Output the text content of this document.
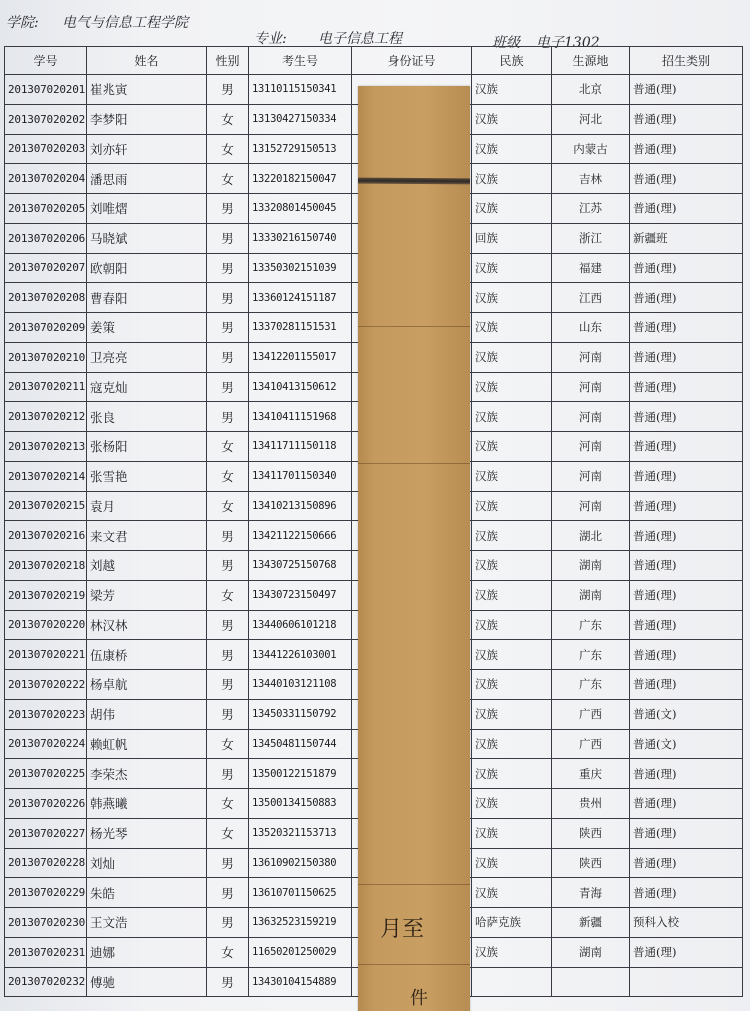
学院: 电气与信息工程学院
专业: 电子信息工程	班级 电子1302
学号	姓名	性别	考生号	身份证号	民族	生源地	招生类别
201307020201	崔兆寅	男	13110115150341		汉族	北京	普通(理)
201307020202	李梦阳	女	13130427150334		汉族	河北	普通(理)
201307020203	刘亦轩	女	13152729150513		汉族	内蒙古	普通(理)
201307020204	潘思雨	女	13220182150047		汉族	吉林	普通(理)
201307020205	刘唯熠	男	13320801450045		汉族	江苏	普通(理)
201307020206	马晓斌	男	13330216150740		回族	浙江	新疆班
201307020207	欧朝阳	男	13350302151039		汉族	福建	普通(理)
201307020208	曹春阳	男	13360124151187		汉族	江西	普通(理)
201307020209	姜策	男	13370281151531		汉族	山东	普通(理)
201307020210	卫亮亮	男	13412201155017		汉族	河南	普通(理)
201307020211	寇克灿	男	13410413150612		汉族	河南	普通(理)
201307020212	张良	男	13410411151968		汉族	河南	普通(理)
201307020213	张杨阳	女	13411711150118		汉族	河南	普通(理)
201307020214	张雪艳	女	13411701150340		汉族	河南	普通(理)
201307020215	袁月	女	13410213150896		汉族	河南	普通(理)
201307020216	来文君	男	13421122150666		汉族	湖北	普通(理)
201307020218	刘越	男	13430725150768		汉族	湖南	普通(理)
201307020219	梁芳	女	13430723150497		汉族	湖南	普通(理)
201307020220	林汉林	男	13440606101218		汉族	广东	普通(理)
201307020221	伍康桥	男	13441226103001		汉族	广东	普通(理)
201307020222	杨卓航	男	13440103121108		汉族	广东	普通(理)
201307020223	胡伟	男	13450331150792		汉族	广西	普通(文)
201307020224	赖虹帆	女	13450481150744		汉族	广西	普通(文)
201307020225	李荣杰	男	13500122151879		汉族	重庆	普通(理)
201307020226	韩燕曦	女	13500134150883		汉族	贵州	普通(理)
201307020227	杨光琴	女	13520321153713		汉族	陕西	普通(理)
201307020228	刘灿	男	13610902150380		汉族	陕西	普通(理)
201307020229	朱皓	男	13610701150625		汉族	青海	普通(理)
201307020230	王文浩	男	13632523159219		哈萨克族	新疆	预科入校
201307020231	迪娜	女	11650201250029		汉族	湖南	普通(理)
201307020232	傅驰	男	13430104154889				
月至
件
